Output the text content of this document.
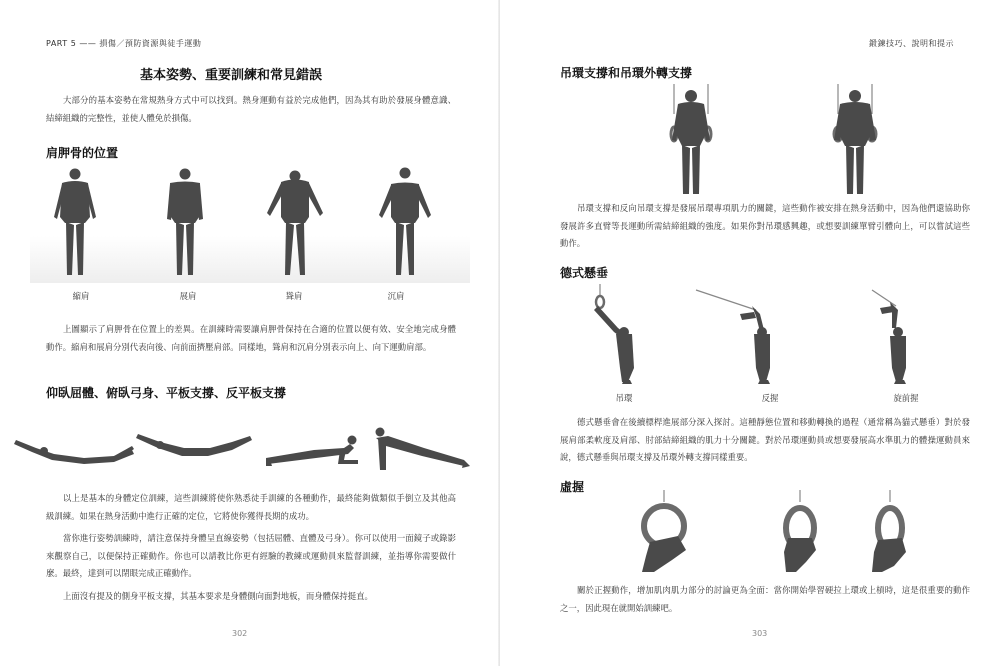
PART 5 —— 損傷／預防資源與徒手運動
基本姿勢、重要訓練和常見錯誤
大部分的基本姿勢在常規熱身方式中可以找到。熱身運動有益於完成他們，因為其有助於發展身體意識、結締組織的完整性，並使人體免於損傷。
肩胛骨的位置
縮肩	展肩	聳肩	沉肩
上圖顯示了肩胛骨在位置上的差異。在訓練時需要讓肩胛骨保持在合適的位置以便有效、安全地完成身體動作。縮肩和展肩分別代表向後、向前面擠壓肩部。同樣地，聳肩和沉肩分別表示向上、向下運動肩部。
仰臥屈體、俯臥弓身、平板支撐、反平板支撐
以上是基本的身體定位訓練，這些訓練將使你熟悉徒手訓練的各種動作，最終能夠做類似手倒立及其他高級訓練。如果在熱身活動中進行正確的定位，它將使你獲得長期的成功。
當你進行姿勢訓練時，請注意保持身體呈直線姿勢（包括屈體、直體及弓身）。你可以使用一面鏡子或錄影來觀察自己，以便保持正確動作。你也可以請教比你更有經驗的教練或運動員來監督訓練，並指導你需要做什麼。最終，達到可以閉眼完成正確動作。
上面沒有提及的側身平板支撐，其基本要求是身體側向面對地板，而身體保持挺直。
302
鍛鍊技巧、說明和提示
吊環支撐和吊環外轉支撐
吊環支撐和反向吊環支撐是發展吊環專項肌力的關鍵，這些動作被安排在熱身活動中，因為他們還協助你發展許多直臂等長運動所需結締組織的強度。如果你對吊環感興趣，或想要訓練單臂引體向上，可以嘗試這些動作。
德式懸垂
吊環	反握	旋前握
德式懸垂會在後續標桿進展部分深入探討。這種靜態位置和移動轉換的過程（通常稱為貓式懸垂）對於發展肩部柔軟度及肩部、肘部結締組織的肌力十分關鍵。對於吊環運動員或想要發展高水準肌力的體操運動員來說，德式懸垂與吊環支撐及吊環外轉支撐同樣重要。
虛握
關於正握動作，增加肌肉肌力部分的討論更為全面：當你開始學習硬拉上環或上槓時，這是很重要的動作之一，因此現在就開始訓練吧。
303
